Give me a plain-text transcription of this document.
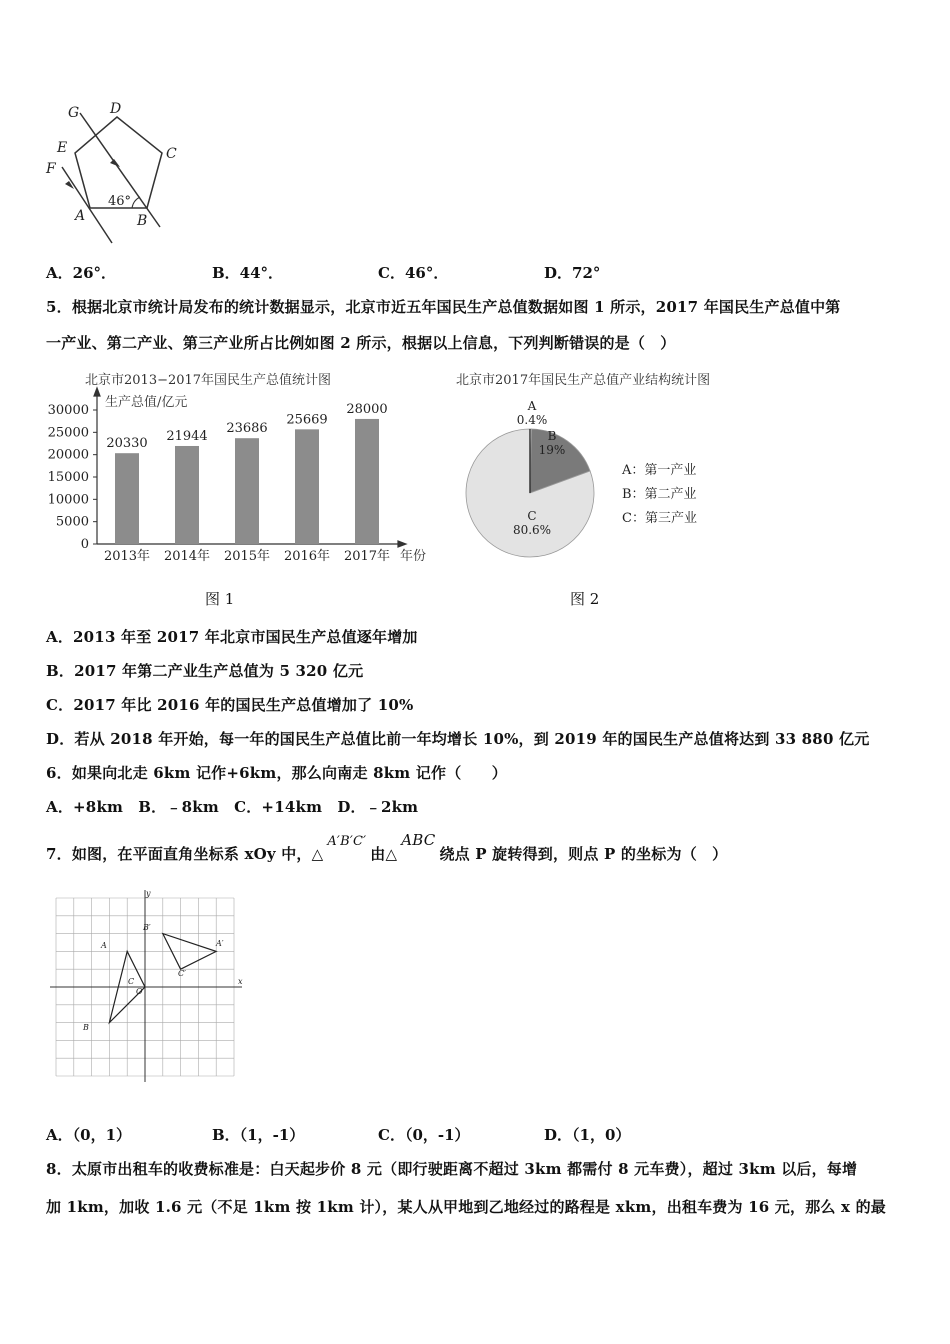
G D
E	C
F
A	B
46°
A．26°．	B．44°．	C．46°．	D．72°
5．根据北京市统计局发布的统计数据显示，北京市近五年国民生产总值数据如图 1 所示，2017 年国民生产总值中第
一产业、第二产业、第三产业所占比例如图 2 所示，根据以上信息，下列判断错误的是（　）
北京市2013−2017年国民生产总值统计图
生产总值/亿元
年份
0
5000
10000
15000
20000
25000
30000
20330
2013年
21944
2014年
23686
2015年
25669
2016年
28000
2017年
图 1
北京市2017年国民生产总值产业结构统计图
A
0.4%
B
19%
C
80.6%
A：第一产业
B：第二产业
C：第三产业
图 2
A．2013 年至 2017 年北京市国民生产总值逐年增加
B．2017 年第二产业生产总值为 5 320 亿元
C．2017 年比 2016 年的国民生产总值增加了 10%
D．若从 2018 年开始，每一年的国民生产总值比前一年均增长 10%，到 2019 年的国民生产总值将达到 33 880 亿元
6．如果向北走 6km 记作+6km，那么向南走 8km 记作（　　）
A．+8km　B．﹣8km　C．+14km　D．﹣2km
7．如图，在平面直角坐标系 xOy 中，△A′B′C′由△ABC绕点 P 旋转得到，则点 P 的坐标为（　）
A
B
C
O
A′
B′
C′
x
y
A．（0，1）	B．（1，-1）	C．（0，-1）	D．（1，0）
8．太原市出租车的收费标准是：白天起步价 8 元（即行驶距离不超过 3km 都需付 8 元车费），超过 3km 以后，每增
加 1km，加收 1.6 元（不足 1km 按 1km 计），某人从甲地到乙地经过的路程是 xkm，出租车费为 16 元，那么 x 的最
